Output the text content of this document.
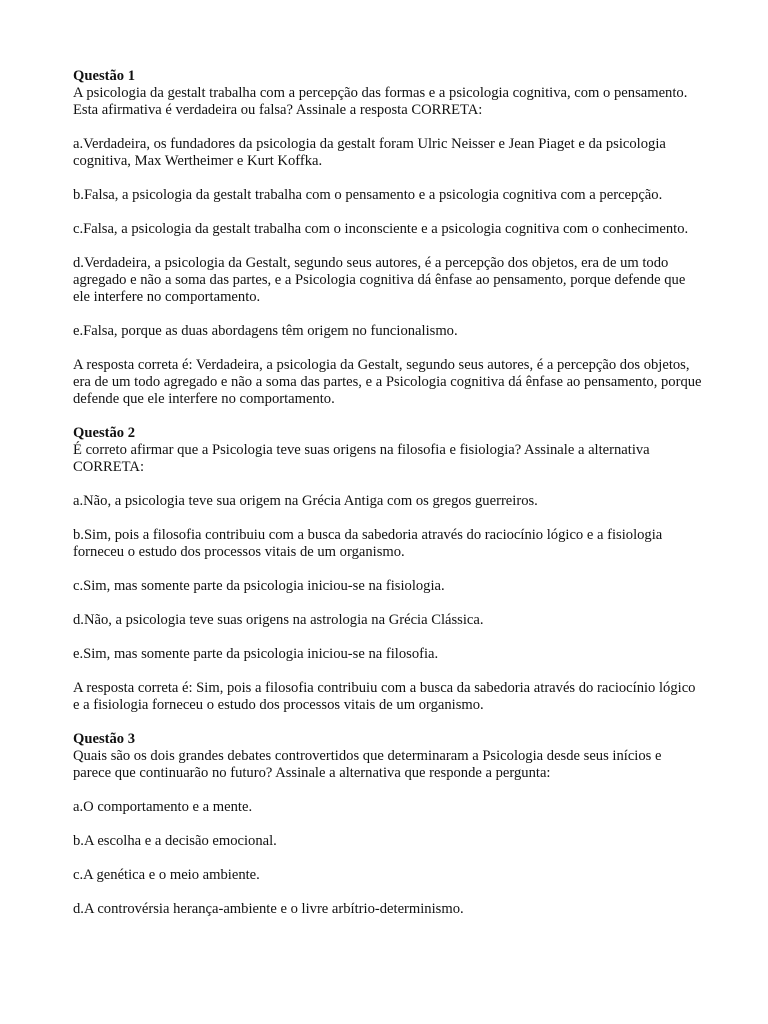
Questão 1
A psicologia da gestalt trabalha com a percepção das formas e a psicologia cognitiva, com o pensamento. Esta afirmativa é verdadeira ou falsa? Assinale a resposta CORRETA:
a.Verdadeira, os fundadores da psicologia da gestalt foram Ulric Neisser e Jean Piaget e da psicologia cognitiva, Max Wertheimer e Kurt Koffka.
b.Falsa, a psicologia da gestalt trabalha com o pensamento e a psicologia cognitiva com a percepção.
c.Falsa, a psicologia da gestalt trabalha com o inconsciente e a psicologia cognitiva com o conhecimento.
d.Verdadeira, a psicologia da Gestalt, segundo seus autores, é a percepção dos objetos, era de um todo agregado e não a soma das partes, e a Psicologia cognitiva dá ênfase ao pensamento, porque defende que ele interfere no comportamento.
e.Falsa, porque as duas abordagens têm origem no funcionalismo.
A resposta correta é: Verdadeira, a psicologia da Gestalt, segundo seus autores, é a percepção dos objetos, era de um todo agregado e não a soma das partes, e a Psicologia cognitiva dá ênfase ao pensamento, porque defende que ele interfere no comportamento.
Questão 2
É correto afirmar que a Psicologia teve suas origens na filosofia e fisiologia? Assinale a alternativa CORRETA:
a.Não, a psicologia teve sua origem na Grécia Antiga com os gregos guerreiros.
b.Sim, pois a filosofia contribuiu com a busca da sabedoria através do raciocínio lógico e a fisiologia forneceu o estudo dos processos vitais de um organismo.
c.Sim, mas somente parte da psicologia iniciou-se na fisiologia.
d.Não, a psicologia teve suas origens na astrologia na Grécia Clássica.
e.Sim, mas somente parte da psicologia iniciou-se na filosofia.
A resposta correta é: Sim, pois a filosofia contribuiu com a busca da sabedoria através do raciocínio lógico e a fisiologia forneceu o estudo dos processos vitais de um organismo.
Questão 3
Quais são os dois grandes debates controvertidos que determinaram a Psicologia desde seus inícios e parece que continuarão no futuro? Assinale a alternativa que responde a pergunta:
a.O comportamento e a mente.
b.A escolha e a decisão emocional.
c.A genética e o meio ambiente.
d.A controvérsia herança-ambiente e o livre arbítrio-determinismo.
